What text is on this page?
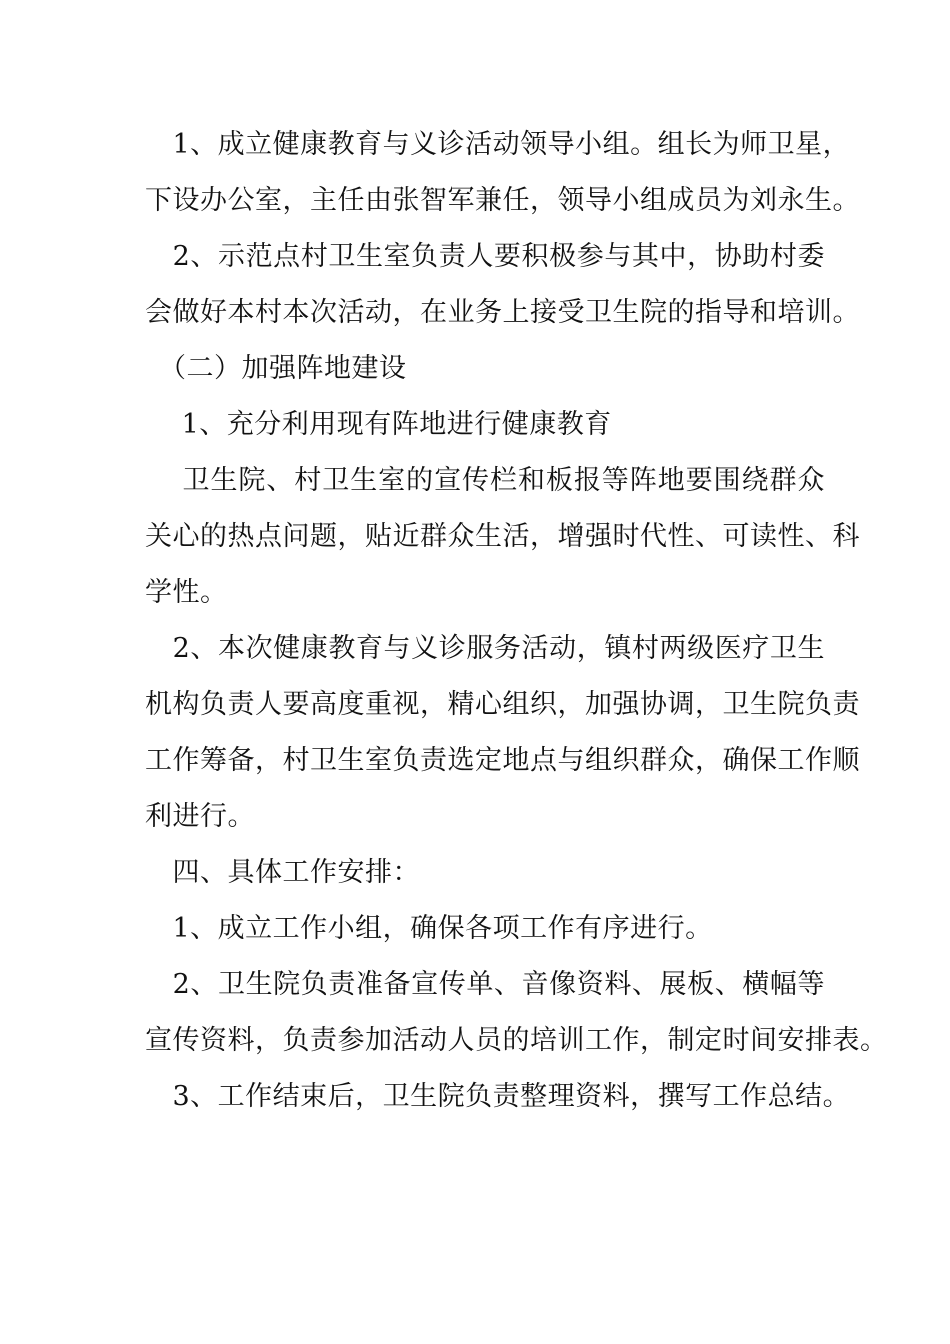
　1、成立健康教育与义诊活动领导小组。组长为师卫星，
下设办公室，主任由张智军兼任，领导小组成员为刘永生。
　2、示范点村卫生室负责人要积极参与其中，协助村委
会做好本村本次活动，在业务上接受卫生院的指导和培训。
　（二）加强阵地建设
　 1、充分利用现有阵地进行健康教育
　 卫生院、村卫生室的宣传栏和板报等阵地要围绕群众
关心的热点问题，贴近群众生活，增强时代性、可读性、科
学性。
　2、本次健康教育与义诊服务活动，镇村两级医疗卫生
机构负责人要高度重视，精心组织，加强协调，卫生院负责
工作筹备，村卫生室负责选定地点与组织群众，确保工作顺
利进行。
　四、具体工作安排：
　1、成立工作小组，确保各项工作有序进行。
　2、卫生院负责准备宣传单、音像资料、展板、横幅等
宣传资料，负责参加活动人员的培训工作，制定时间安排表。
　3、工作结束后，卫生院负责整理资料，撰写工作总结。
